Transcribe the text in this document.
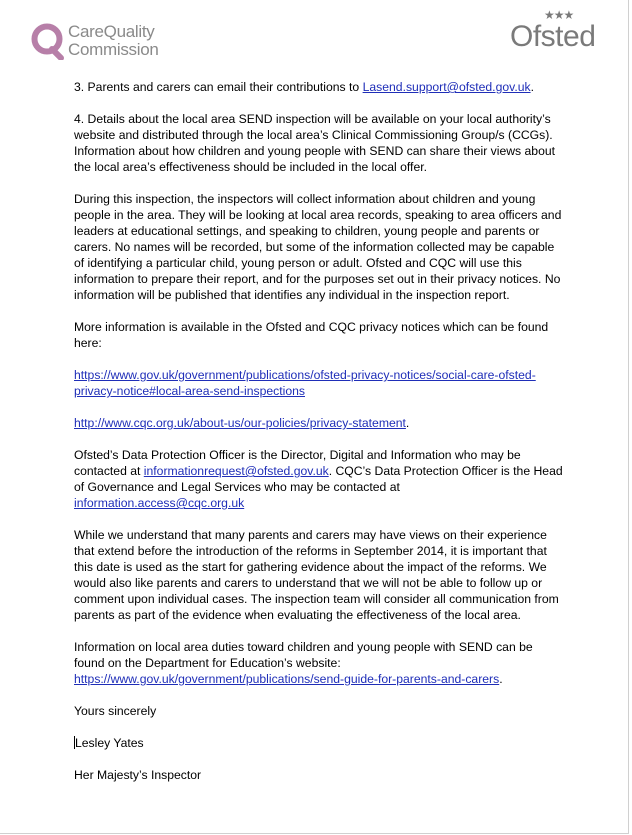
CareQuality
Commission
★★★
Ofsted

3. Parents and carers can email their contributions to Lasend.support@ofsted.gov.uk.

4. Details about the local area SEND inspection will be available on your local authority’s website and distributed through the local area’s Clinical Commissioning Group/s (CCGs). Information about how children and young people with SEND can share their views about the local area’s effectiveness should be included in the local offer.

During this inspection, the inspectors will collect information about children and young people in the area. They will be looking at local area records, speaking to area officers and leaders at educational settings, and speaking to children, young people and parents or carers. No names will be recorded, but some of the information collected may be capable of identifying a particular child, young person or adult. Ofsted and CQC will use this information to prepare their report, and for the purposes set out in their privacy notices. No information will be published that identifies any individual in the inspection report.

More information is available in the Ofsted and CQC privacy notices which can be found here:

https://www.gov.uk/government/publications/ofsted-privacy-notices/social-care-ofsted-privacy-notice#local-area-send-inspections

http://www.cqc.org.uk/about-us/our-policies/privacy-statement.

Ofsted’s Data Protection Officer is the Director, Digital and Information who may be contacted at informationrequest@ofsted.gov.uk. CQC’s Data Protection Officer is the Head of Governance and Legal Services who may be contacted at information.access@cqc.org.uk

While we understand that many parents and carers may have views on their experience that extend before the introduction of the reforms in September 2014, it is important that this date is used as the start for gathering evidence about the impact of the reforms. We would also like parents and carers to understand that we will not be able to follow up or comment upon individual cases. The inspection team will consider all communication from parents as part of the evidence when evaluating the effectiveness of the local area.

Information on local area duties toward children and young people with SEND can be found on the Department for Education’s website: https://www.gov.uk/government/publications/send-guide-for-parents-and-carers.

Yours sincerely

Lesley Yates

Her Majesty’s Inspector
